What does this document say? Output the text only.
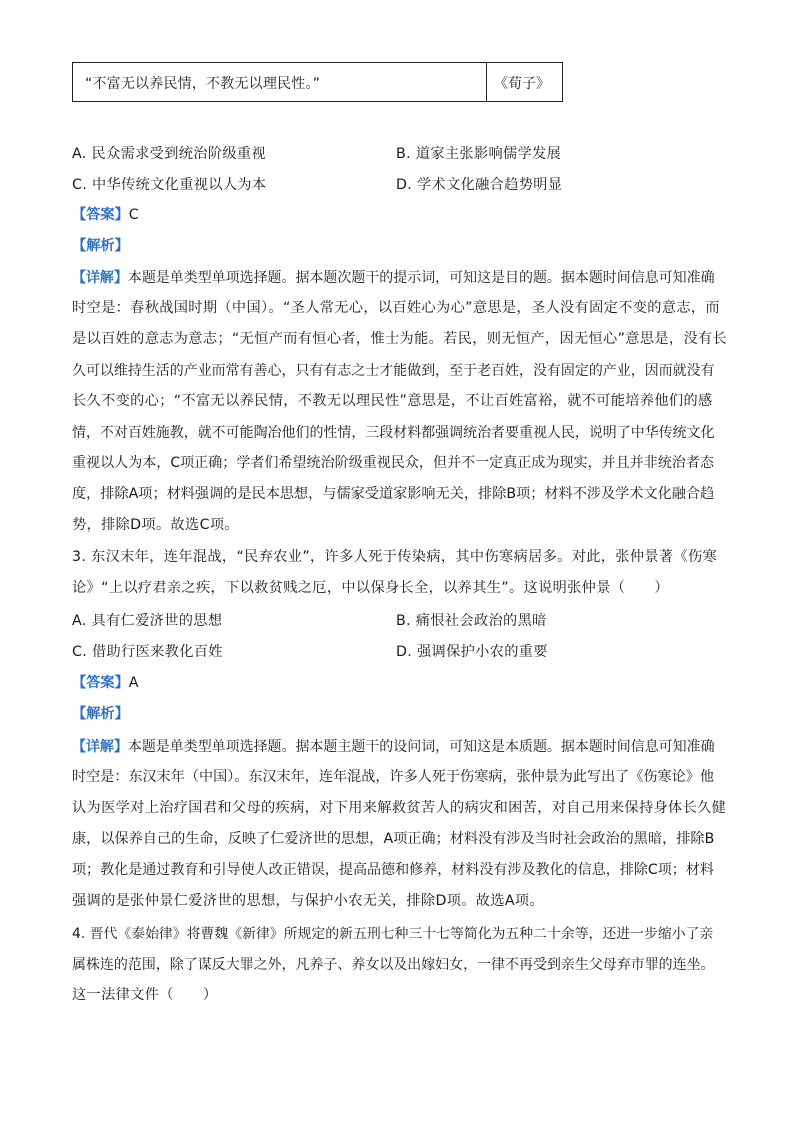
“不富无以养民情，不教无以理民性。”	《荀子》
A. 民众需求受到统治阶级重视	B. 道家主张影响儒学发展
C. 中华传统文化重视以人为本	D. 学术文化融合趋势明显
【答案】C
【解析】
【详解】本题是单类型单项选择题。据本题次题干的提示词，可知这是目的题。据本题时间信息可知准确
时空是：春秋战国时期（中国）。“圣人常无心，以百姓心为心”意思是，圣人没有固定不变的意志，而
是以百姓的意志为意志；“无恒产而有恒心者，惟士为能。若民，则无恒产，因无恒心”意思是，没有长
久可以维持生活的产业而常有善心，只有有志之士才能做到，至于老百姓，没有固定的产业，因而就没有
长久不变的心；“不富无以养民情，不教无以理民性”意思是，不让百姓富裕，就不可能培养他们的感
情，不对百姓施教，就不可能陶冶他们的性情，三段材料都强调统治者要重视人民，说明了中华传统文化
重视以人为本，C项正确；学者们希望统治阶级重视民众，但并不一定真正成为现实，并且并非统治者态
度，排除A项；材料强调的是民本思想，与儒家受道家影响无关，排除B项；材料不涉及学术文化融合趋
势，排除D项。故选C项。
3. 东汉末年，连年混战，“民弃农业”，许多人死于传染病，其中伤寒病居多。对此，张仲景著《伤寒
论》“上以疗君亲之疾，下以救贫贱之厄，中以保身长全，以养其生”。这说明张仲景（　　）
A. 具有仁爱济世的思想	B. 痛恨社会政治的黑暗
C. 借助行医来教化百姓	D. 强调保护小农的重要
【答案】A
【解析】
【详解】本题是单类型单项选择题。据本题主题干的设问词，可知这是本质题。据本题时间信息可知准确
时空是：东汉末年（中国）。东汉末年，连年混战，许多人死于伤寒病，张仲景为此写出了《伤寒论》他
认为医学对上治疗国君和父母的疾病，对下用来解救贫苦人的病灾和困苦，对自己用来保持身体长久健
康，以保养自己的生命，反映了仁爱济世的思想，A项正确；材料没有涉及当时社会政治的黑暗，排除B
项；教化是通过教育和引导使人改正错误，提高品德和修养，材料没有涉及教化的信息，排除C项；材料
强调的是张仲景仁爱济世的思想，与保护小农无关，排除D项。故选A项。
4. 晋代《泰始律》将曹魏《新律》所规定的新五刑七种三十七等简化为五种二十余等，还进一步缩小了亲
属株连的范围，除了谋反大罪之外，凡养子、养女以及出嫁妇女，一律不再受到亲生父母弃市罪的连坐。
这一法律文件（　　）
